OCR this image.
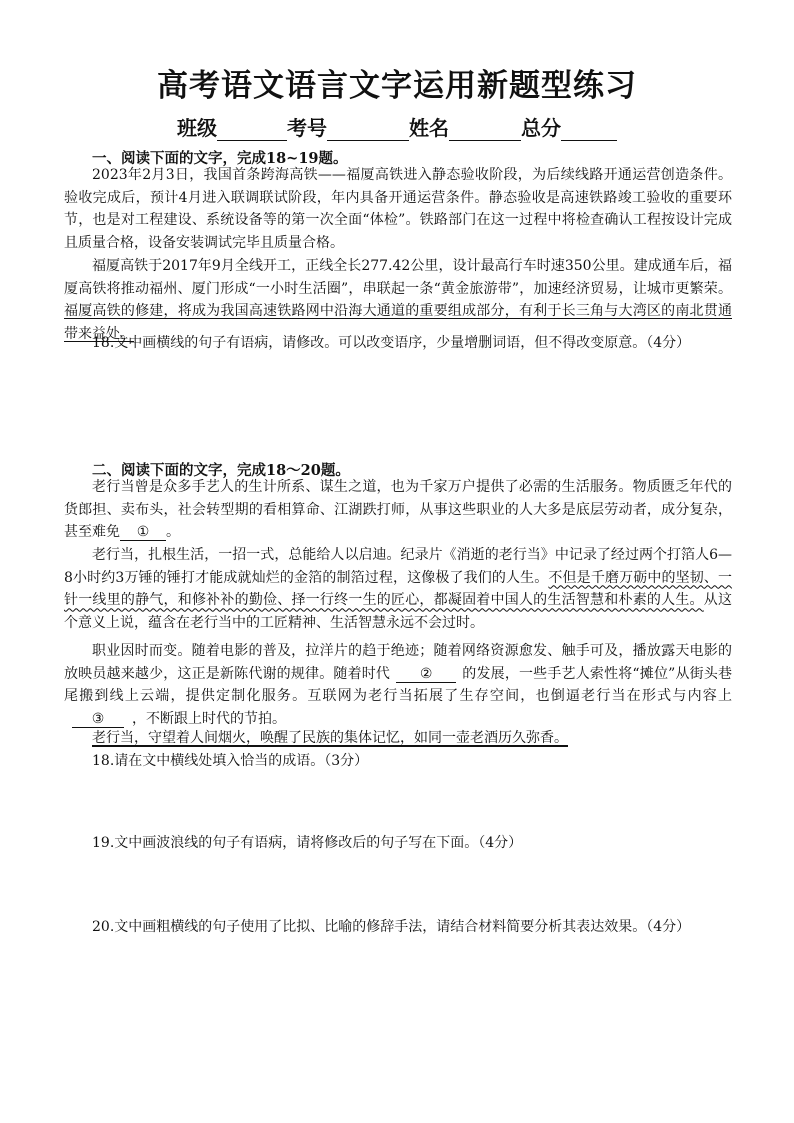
高考语文语言文字运用新题型练习
班级	考号	姓名	总分
一、阅读下面的文字，完成18~19题。

2023年2月3日，我国首条跨海高铁——福厦高铁进入静态验收阶段，为后续线路开通运营创造条件。验收完成后，预计4月进入联调联试阶段，年内具备开通运营条件。静态验收是高速铁路竣工验收的重要环节，也是对工程建设、系统设备等的第一次全面“体检”。铁路部门在这一过程中将检查确认工程按设计完成且质量合格，设备安装调试完毕且质量合格。

福厦高铁于2017年9月全线开工，正线全长277.42公里，设计最高行车时速350公里。建成通车后，福厦高铁将推动福州、厦门形成“一小时生活圈”，串联起一条“黄金旅游带”，加速经济贸易，让城市更繁荣。福厦高铁的修建，将成为我国高速铁路网中沿海大通道的重要组成部分，有利于长三角与大湾区的南北贯通带来益处。

18.文中画横线的句子有语病，请修改。可以改变语序，少量增删词语，但不得改变原意。（4分）

二、阅读下面的文字，完成18～20题。

老行当曾是众多手艺人的生计所系、谋生之道，也为千家万户提供了必需的生活服务。物质匮乏年代的货郎担、卖布头，社会转型期的看相算命、江湖跌打师，从事这些职业的人大多是底层劳动者，成分复杂，甚至难免 ① 。

老行当，扎根生活，一招一式，总能给人以启迪。纪录片《消逝的老行当》中记录了经过两个打箔人6—8小时约3万锤的锤打才能成就灿烂的金箔的制箔过程，这像极了我们的人生。不但是千磨万砺中的坚韧、一针一线里的静气，和修补补的勤俭、择一行终一生的匠心，都凝固着中国人的生活智慧和朴素的人生。从这个意义上说，蕴含在老行当中的工匠精神、生活智慧永远不会过时。

职业因时而变。随着电影的普及，拉洋片的趋于绝迹；随着网络资源愈发、触手可及，播放露天电影的放映员越来越少，这正是新陈代谢的规律。随着时代 ② 的发展，一些手艺人索性将“摊位”从街头巷尾搬到线上云端，提供定制化服务。互联网为老行当拓展了生存空间，也倒逼老行当在形式与内容上③ ，不断跟上时代的节拍。

老行当，守望着人间烟火，唤醒了民族的集体记忆，如同一壶老酒历久弥香。

18.请在文中横线处填入恰当的成语。（3分）

19.文中画波浪线的句子有语病，请将修改后的句子写在下面。（4分）

20.文中画粗横线的句子使用了比拟、比喻的修辞手法，请结合材料简要分析其表达效果。（4分）
